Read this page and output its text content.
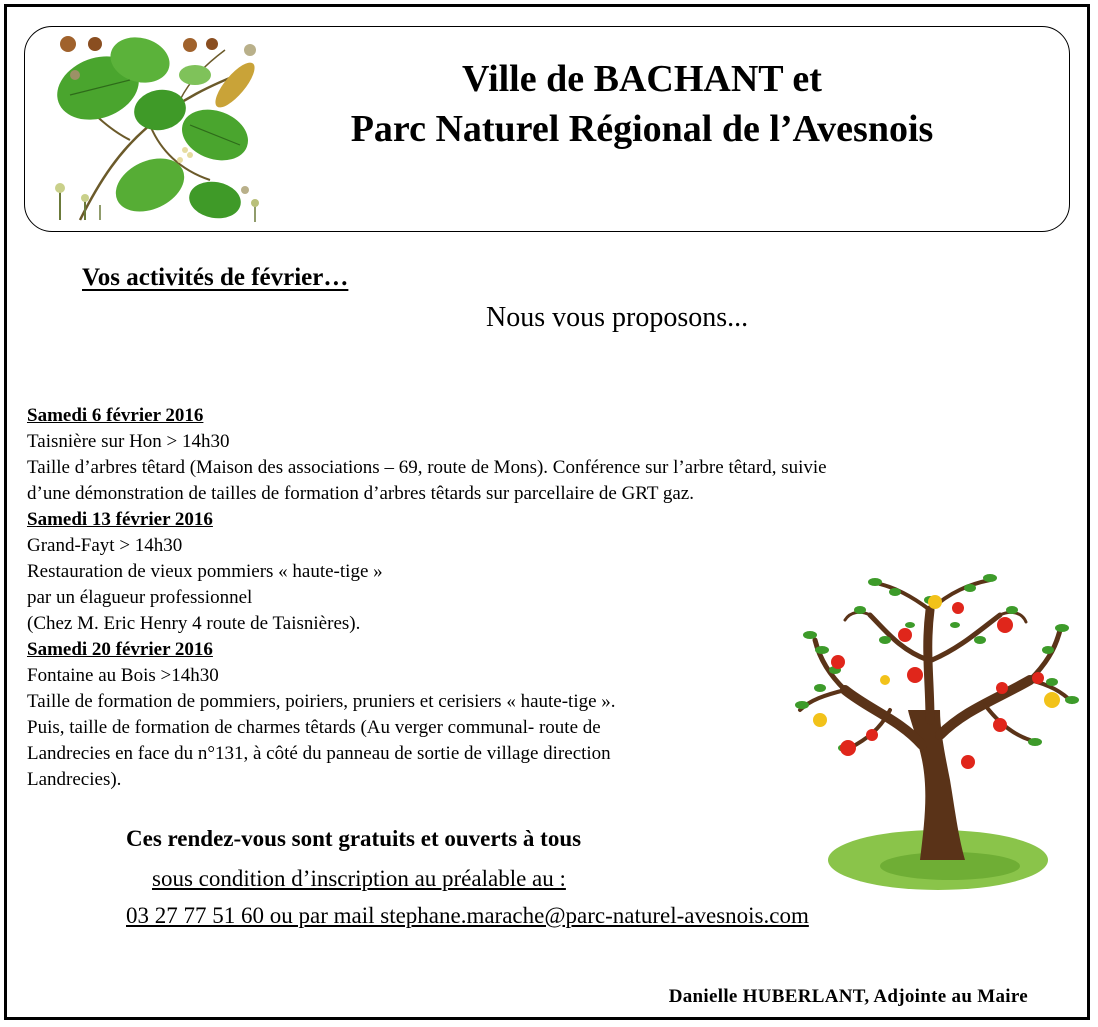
Ville de BACHANT et
Parc Naturel Régional de l’Avesnois
Vos activités de février…
Nous vous proposons...
Samedi 6 février 2016
Taisnière sur Hon > 14h30
Taille d’arbres têtard (Maison des associations – 69, route de Mons). Conférence sur l’arbre têtard, suivie
d’une démonstration de tailles de formation d’arbres têtards sur parcellaire de GRT gaz.
Samedi 13 février 2016
Grand-Fayt > 14h30
Restauration de vieux pommiers « haute-tige »
par un élagueur professionnel
(Chez M. Eric Henry 4 route de Taisnières).
Samedi 20 février 2016
Fontaine au Bois >14h30
Taille de formation de pommiers, poiriers, pruniers et cerisiers « haute-tige ».
Puis, taille de formation de charmes têtards (Au verger communal- route de
Landrecies en face du n°131, à côté du panneau de sortie de village direction
Landrecies).
Ces rendez-vous sont gratuits et ouverts à tous
sous condition d’inscription au préalable au :
03 27 77 51 60 ou par mail stephane.marache@parc-naturel-avesnois.com
Danielle HUBERLANT, Adjointe au Maire
